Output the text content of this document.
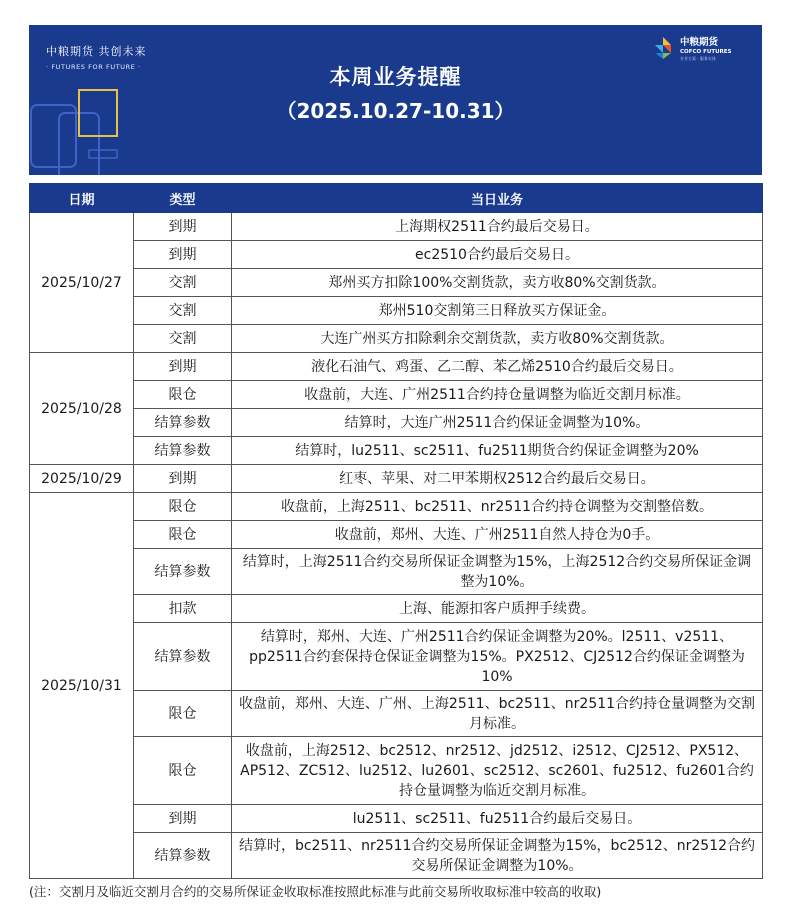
中粮期货 共创未来
· FUTURES FOR FUTURE ·
中粮期货
COFCO FUTURES
专业方案 · 服务实体
本周业务提醒
（2025.10.27-10.31）
日期	类型	当日业务
2025/10/27	到期	上海期权2511合约最后交易日。
	到期	ec2510合约最后交易日。
	交割	郑州买方扣除100%交割货款，卖方收80%交割货款。
	交割	郑州510交割第三日释放买方保证金。
	交割	大连广州买方扣除剩余交割货款，卖方收80%交割货款。
2025/10/28	到期	液化石油气、鸡蛋、乙二醇、苯乙烯2510合约最后交易日。
	限仓	收盘前，大连、广州2511合约持仓量调整为临近交割月标准。
	结算参数	结算时，大连广州2511合约保证金调整为10%。
	结算参数	结算时，lu2511、sc2511、fu2511期货合约保证金调整为20%
2025/10/29	到期	红枣、苹果、对二甲苯期权2512合约最后交易日。
2025/10/31	限仓	收盘前，上海2511、bc2511、nr2511合约持仓调整为交割整倍数。
	限仓	收盘前，郑州、大连、广州2511自然人持仓为0手。
	结算参数	结算时，上海2511合约交易所保证金调整为15%，上海2512合约交易所保证金调整为10%。
	扣款	上海、能源扣客户质押手续费。
	结算参数	结算时，郑州、大连、广州2511合约保证金调整为20%。l2511、v2511、pp2511合约套保持仓保证金调整为15%。PX2512、CJ2512合约保证金调整为10%
	限仓	收盘前，郑州、大连、广州、上海2511、bc2511、nr2511合约持仓量调整为交割月标准。
	限仓	收盘前，上海2512、bc2512、nr2512、jd2512、i2512、CJ2512、PX512、AP512、ZC512、lu2512、lu2601、sc2512、sc2601、fu2512、fu2601合约持仓量调整为临近交割月标准。
	到期	lu2511、sc2511、fu2511合约最后交易日。
	结算参数	结算时，bc2511、nr2511合约交易所保证金调整为15%，bc2512、nr2512合约交易所保证金调整为10%。
(注：交割月及临近交割月合约的交易所保证金收取标准按照此标准与此前交易所收取标准中较高的收取)
